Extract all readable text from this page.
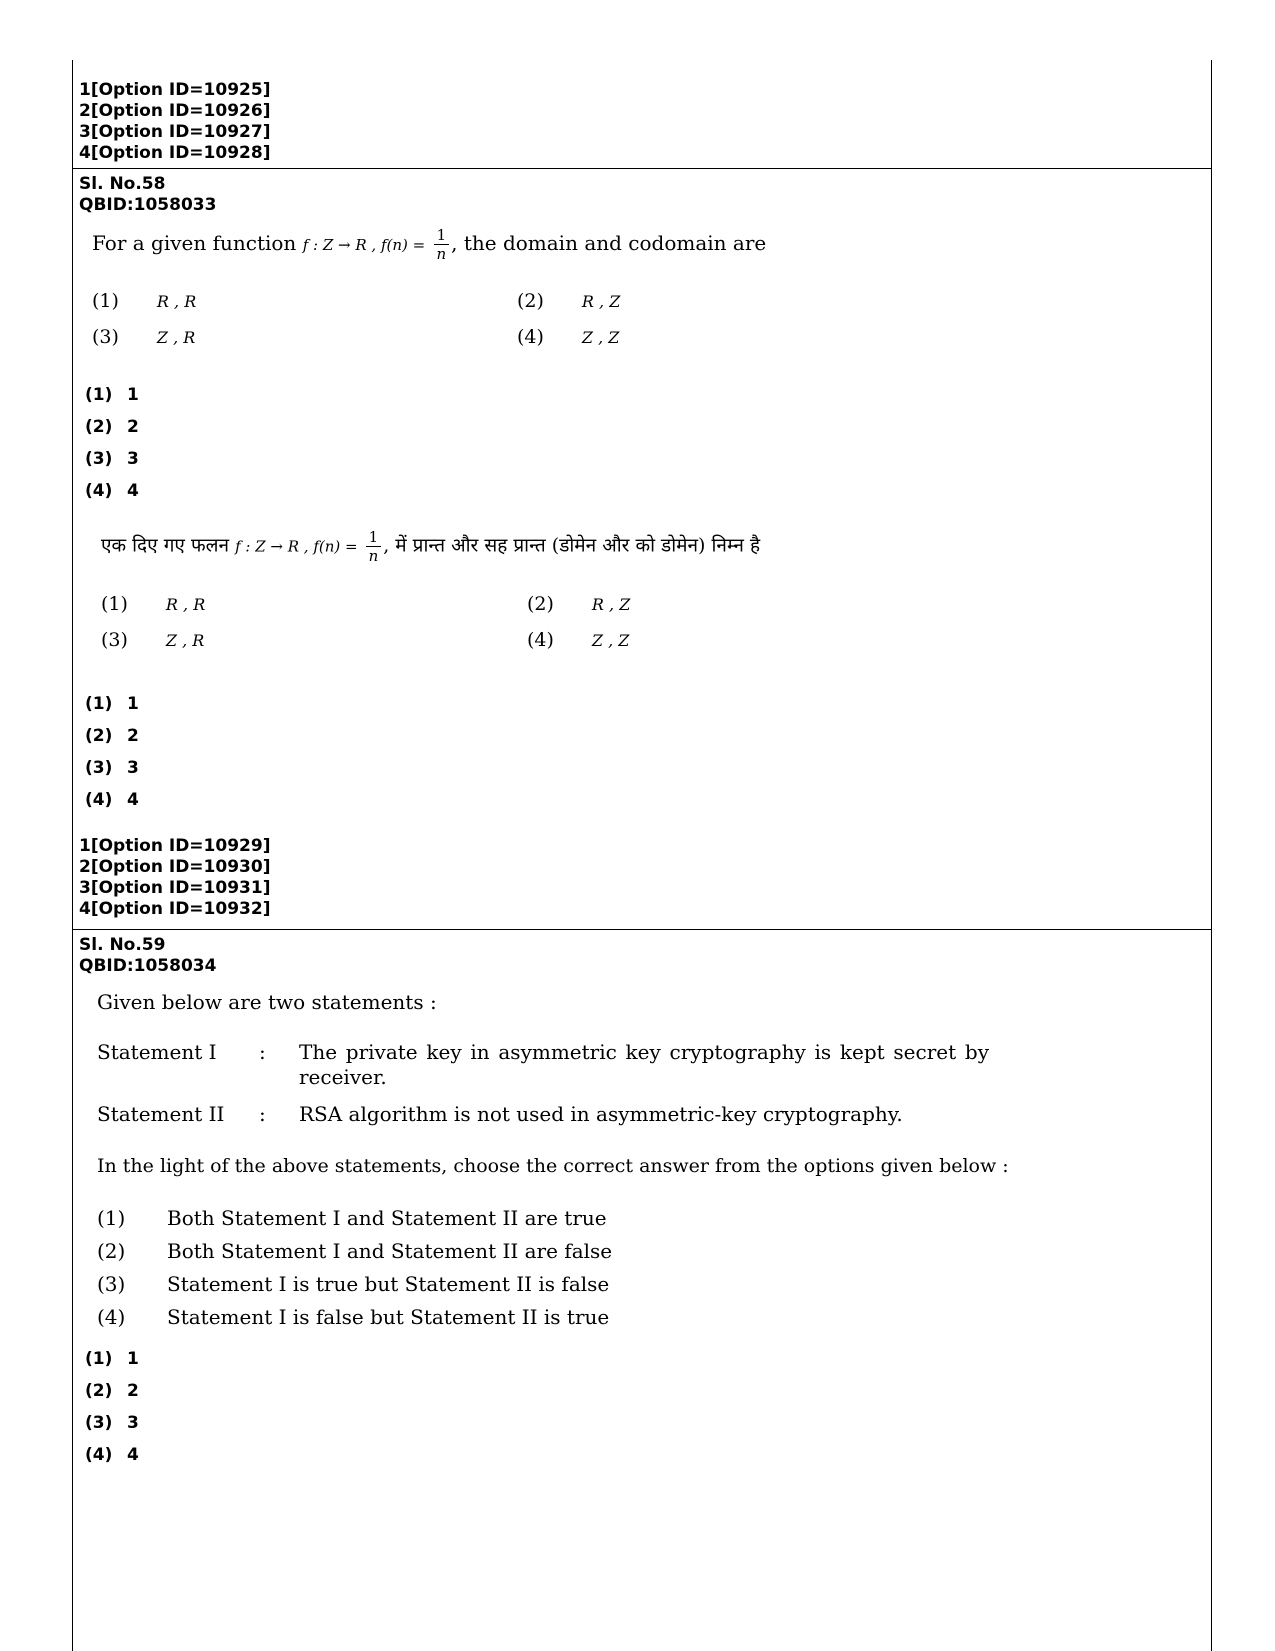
1[Option ID=10925]
2[Option ID=10926]
3[Option ID=10927]
4[Option ID=10928]
Sl. No.58
QBID:1058033
For a given function f : Z → R , $f(n) = \frac{1}{n}$ , the domain and codomain are
(1) R , R	(2) R , Z
(3) Z , R	(4) Z , Z
(1) 1
(2) 2
(3) 3
(4) 4
एक दिए गए फलन f : Z → R , $f(n) = \frac{1}{n}$ , में प्रान्त और सह प्रान्त (डोमेन और को डोमेन) निम्न है
(1) R , R	(2) R , Z
(3) Z , R	(4) Z , Z
(1) 1
(2) 2
(3) 3
(4) 4
1[Option ID=10929]
2[Option ID=10930]
3[Option ID=10931]
4[Option ID=10932]
Sl. No.59
QBID:1058034
Given below are two statements :
Statement I : The private key in asymmetric key cryptography is kept secret by receiver.
Statement II : RSA algorithm is not used in asymmetric-key cryptography.
In the light of the above statements, choose the correct answer from the options given below :
(1) Both Statement I and Statement II are true
(2) Both Statement I and Statement II are false
(3) Statement I is true but Statement II is false
(4) Statement I is false but Statement II is true
(1) 1
(2) 2
(3) 3
(4) 4
